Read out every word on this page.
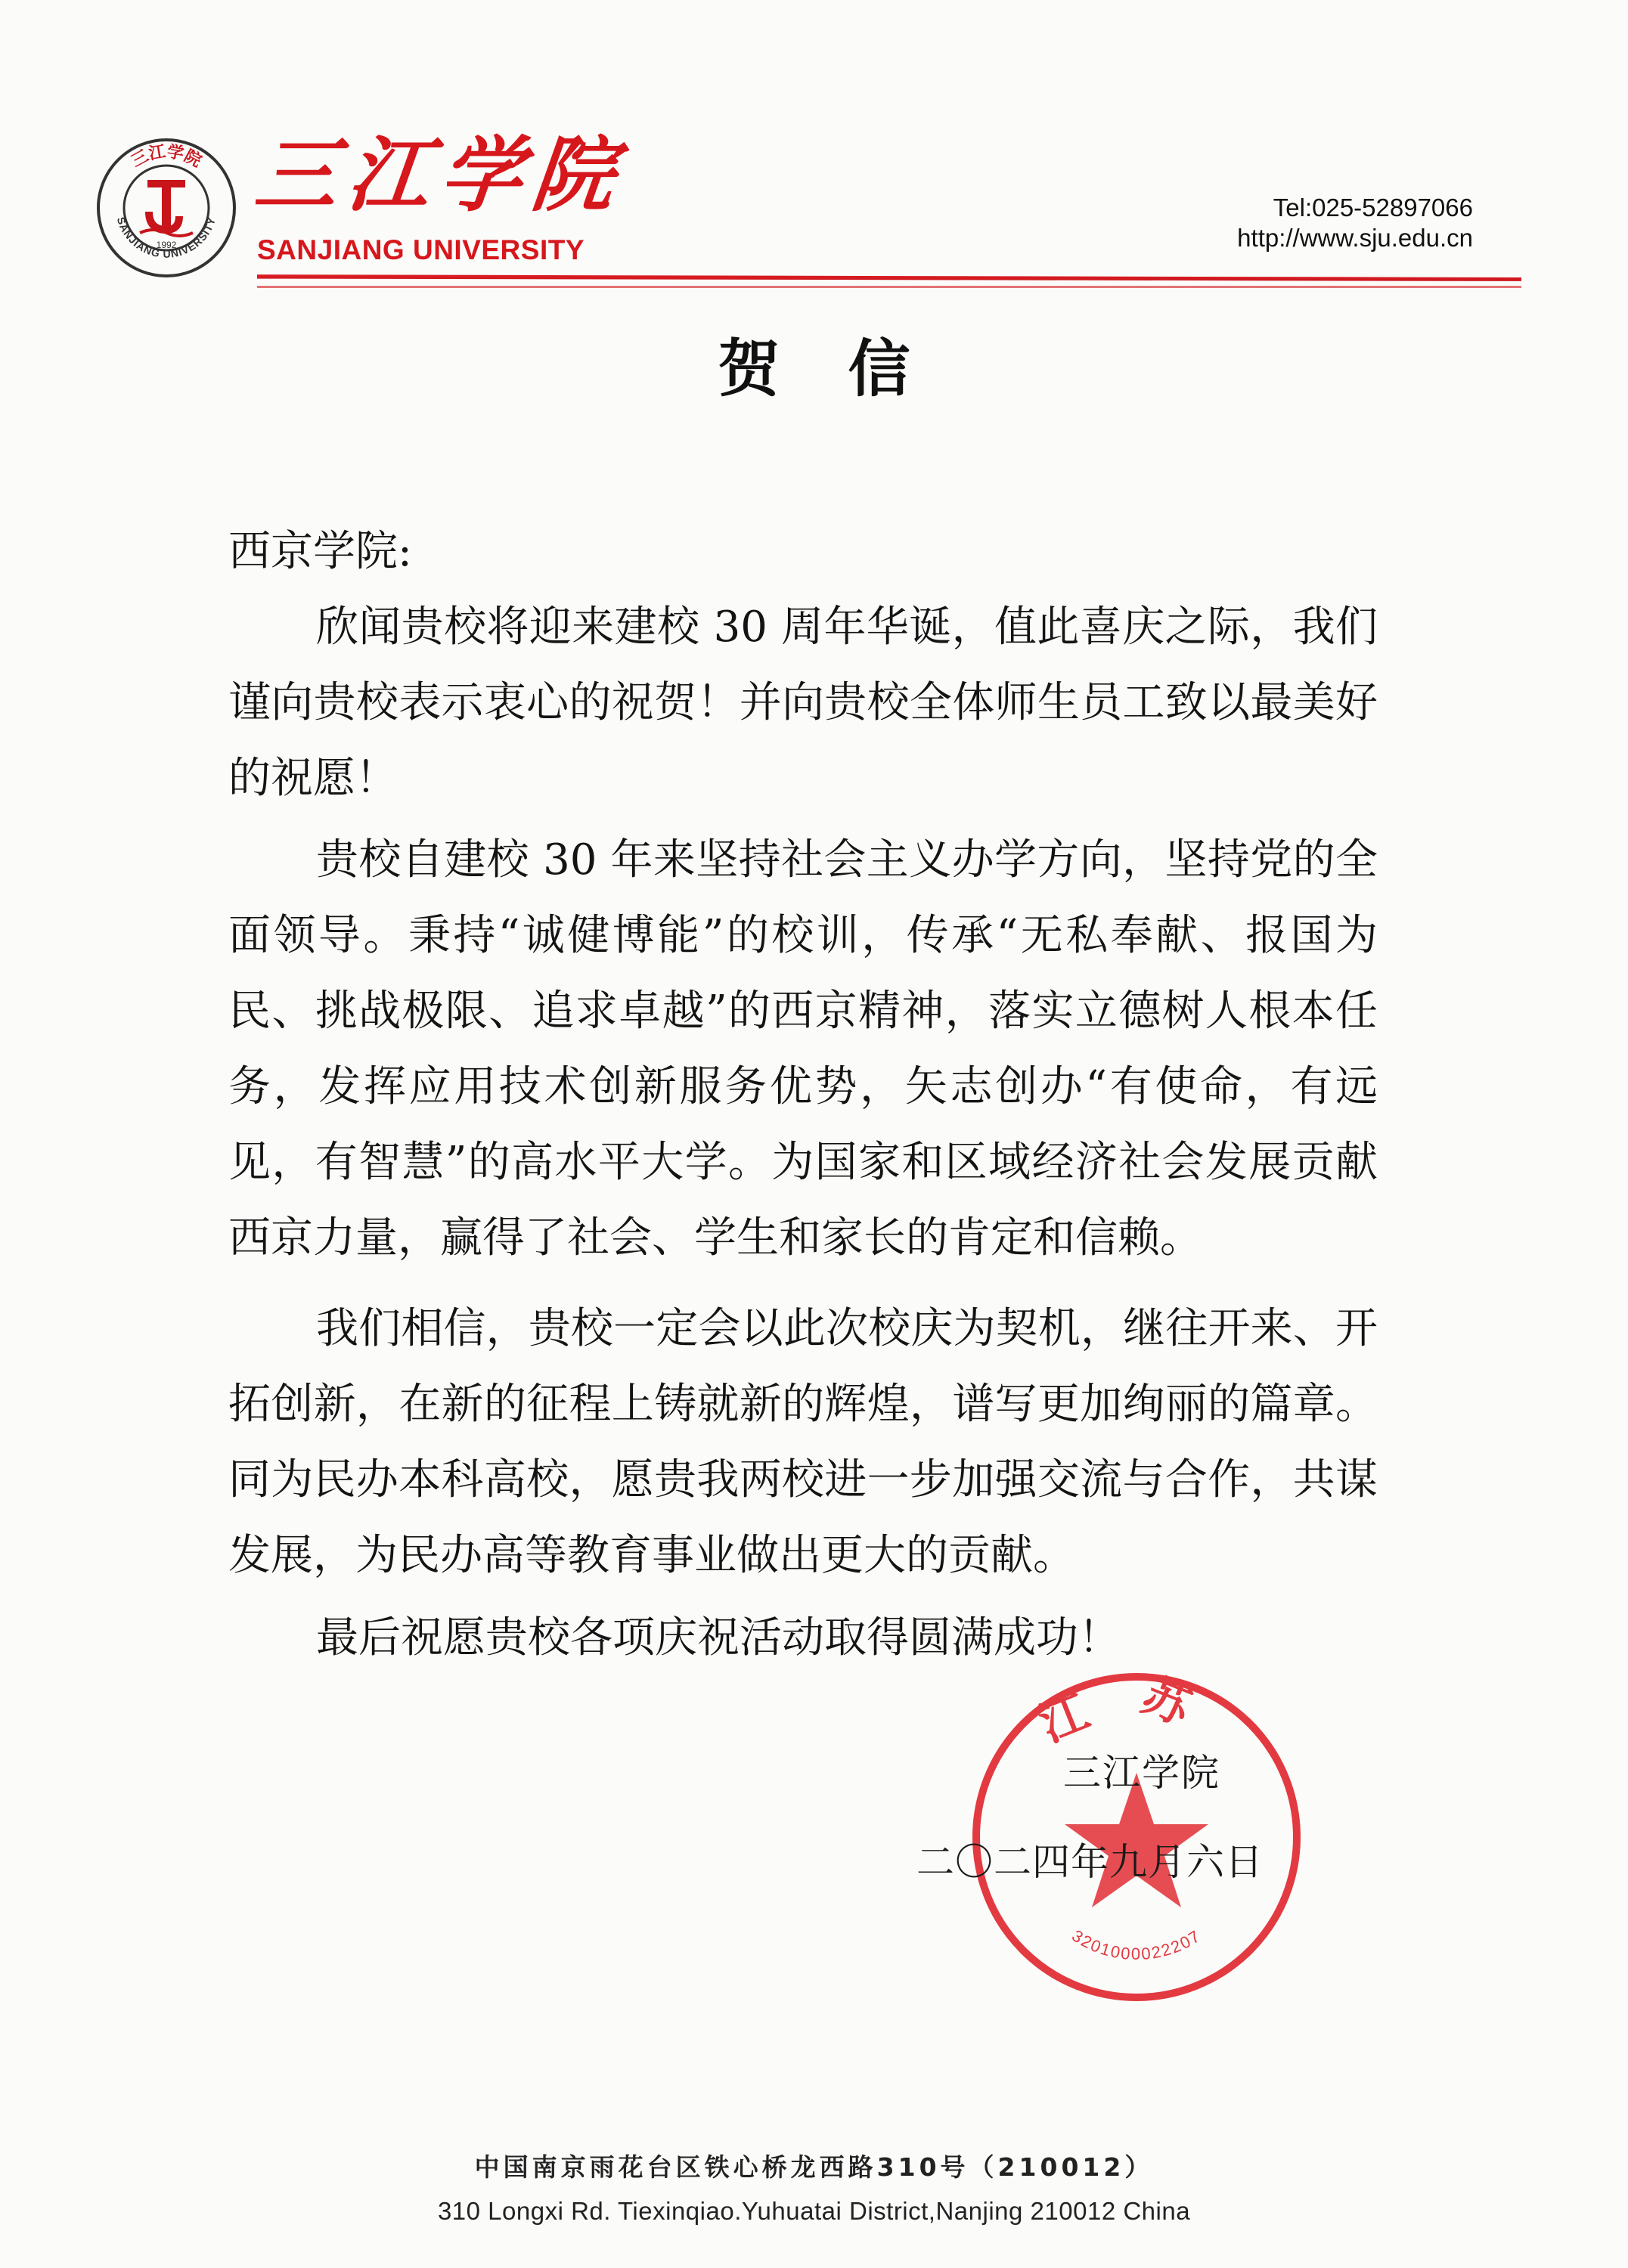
三江学院
SANJIANG UNIVERSITY
1992
三江学院
SANJIANG UNIVERSITY
Tel:025-52897066
http://www.sju.edu.cn
贺信
西京学院:
欣闻贵校将迎来建校 30 周年华诞，值此喜庆之际，我们谨向贵校表示衷心的祝贺！并向贵校全体师生员工致以最美好的祝愿！
贵校自建校 30 年来坚持社会主义办学方向，坚持党的全面领导。秉持“诚健博能”的校训，传承“无私奉献、报国为民、挑战极限、追求卓越”的西京精神，落实立德树人根本任务，发挥应用技术创新服务优势，矢志创办“有使命，有远见，有智慧”的高水平大学。为国家和区域经济社会发展贡献西京力量，赢得了社会、学生和家长的肯定和信赖。
我们相信，贵校一定会以此次校庆为契机，继往开来、开拓创新，在新的征程上铸就新的辉煌，谱写更加绚丽的篇章。同为民办本科高校，愿贵我两校进一步加强交流与合作，共谋发展，为民办高等教育事业做出更大的贡献。
最后祝愿贵校各项庆祝活动取得圆满成功！
江苏
3201000022207
三江学院
二〇二四年九月六日
中国南京雨花台区铁心桥龙西路310号（210012）
310 Longxi Rd. Tiexinqiao.Yuhuatai District,Nanjing 210012 China
